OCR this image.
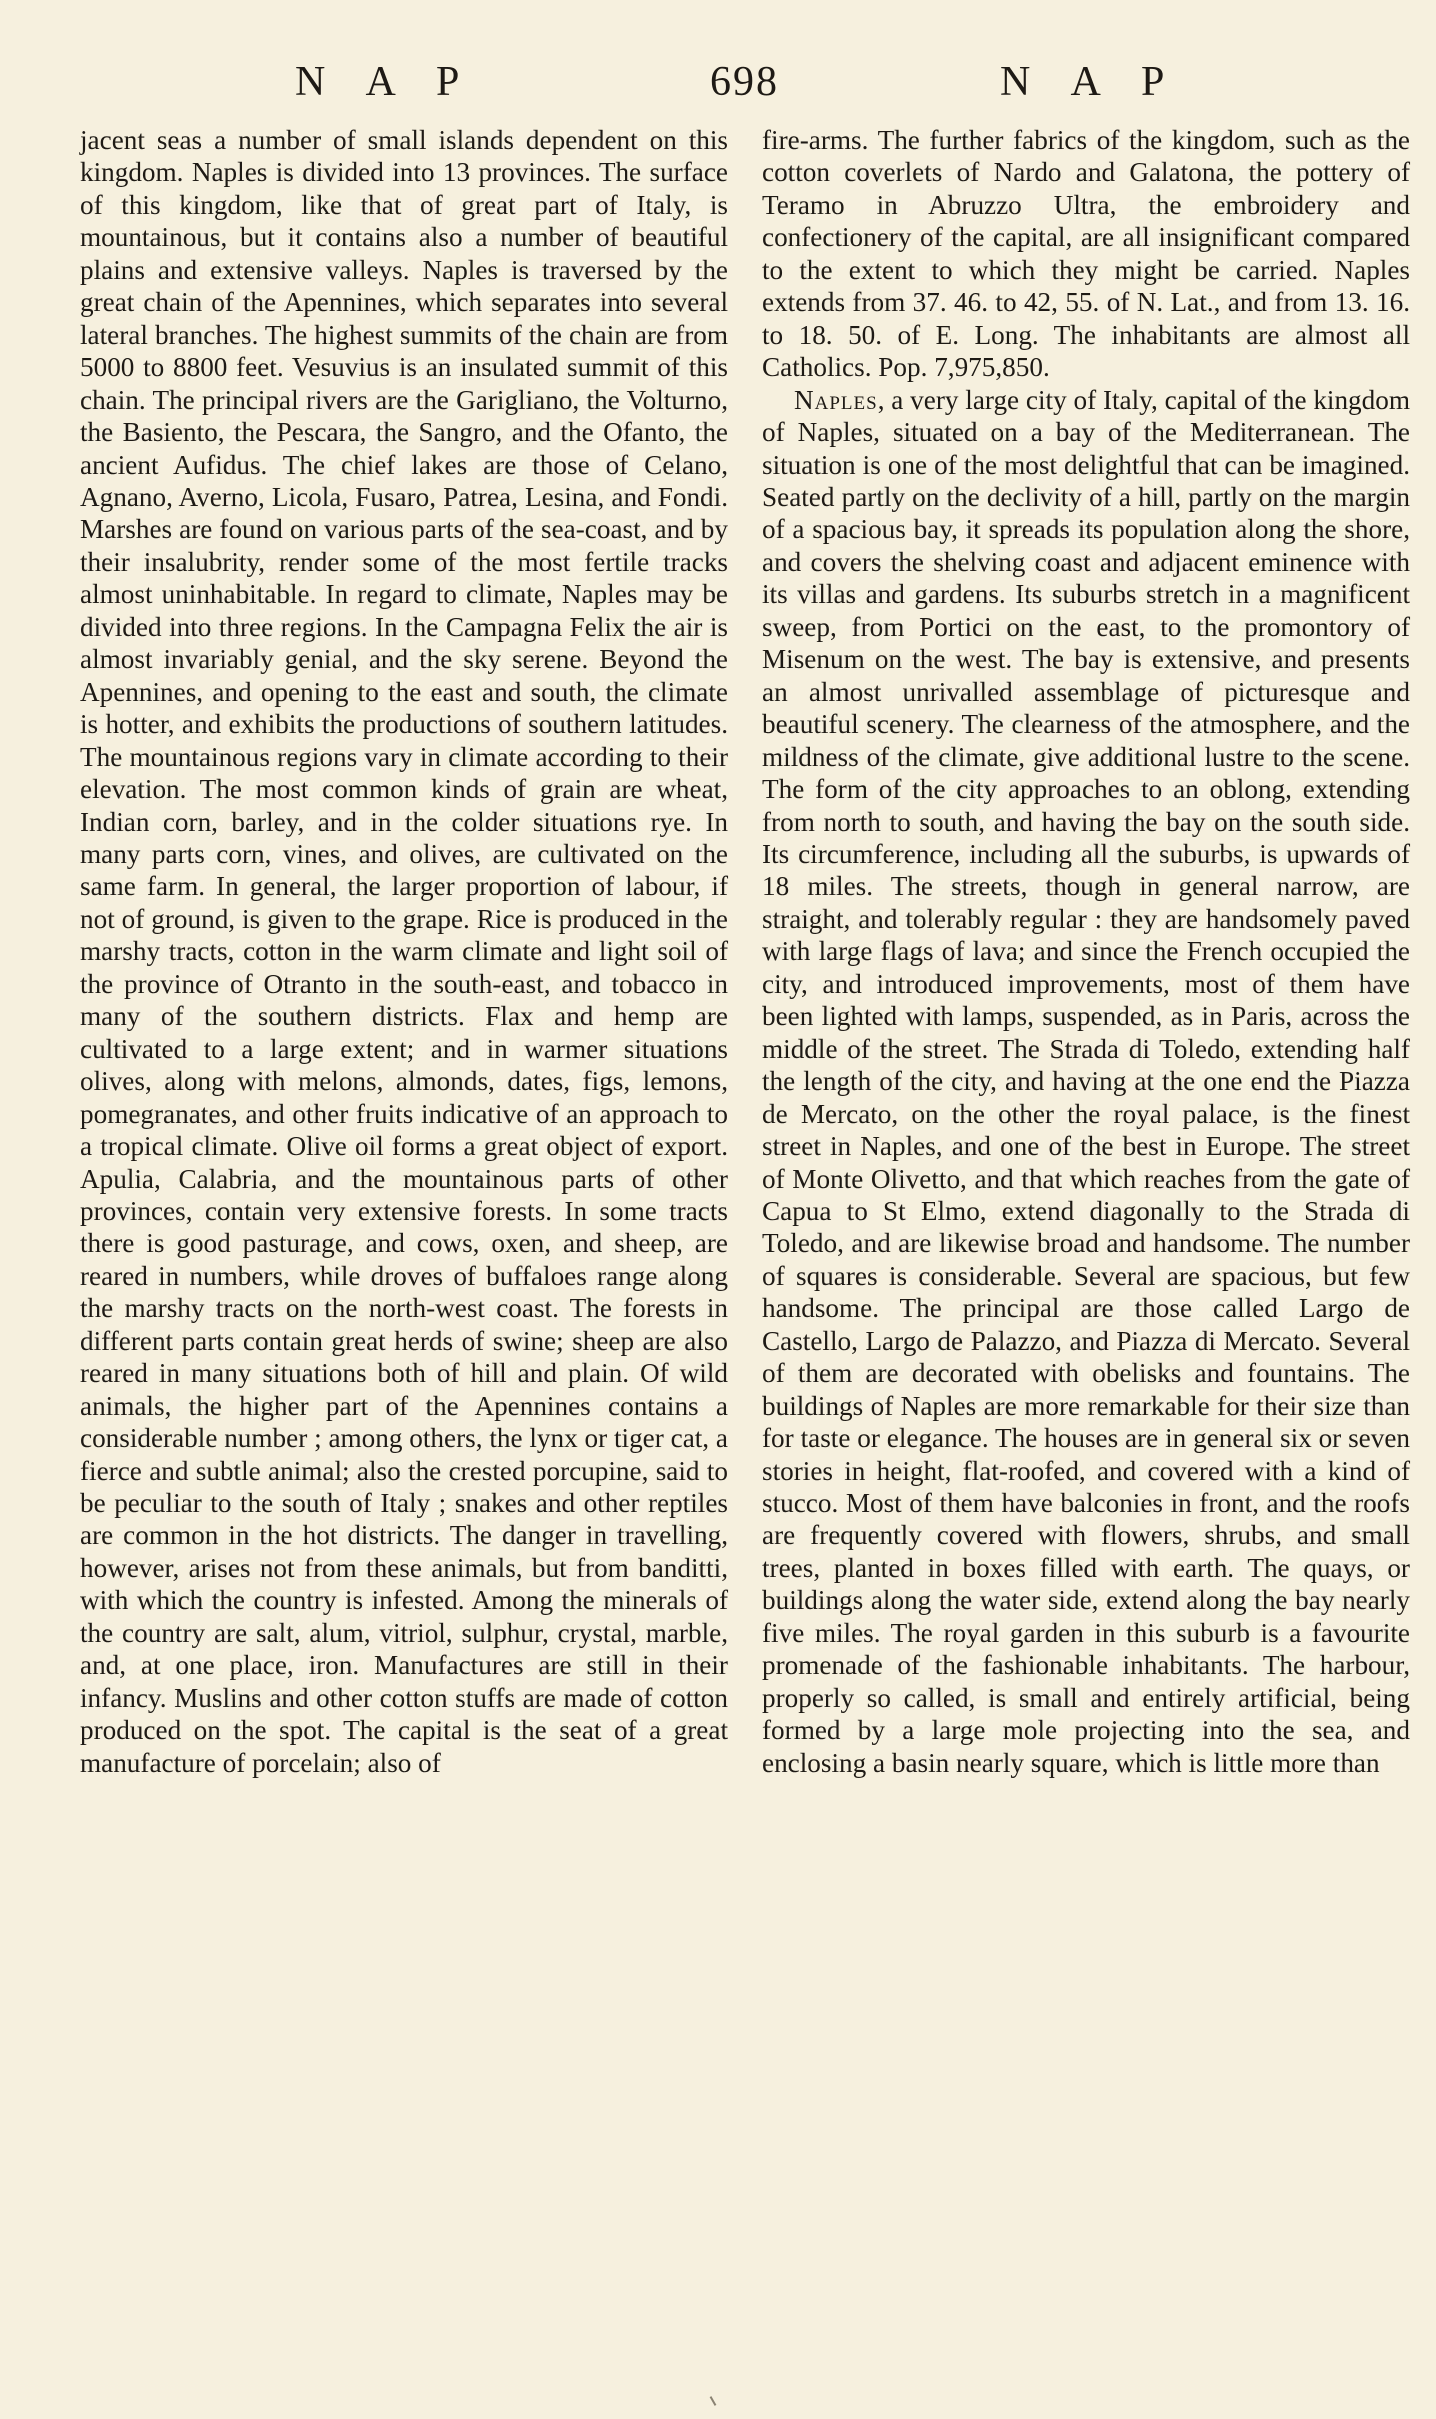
N A P	698	N A P

jacent seas a number of small islands dependent on this kingdom. Naples is divided into 13 provinces. The surface of this kingdom, like that of great part of Italy, is mountainous, but it contains also a number of beautiful plains and extensive valleys. Naples is traversed by the great chain of the Apennines, which separates into several lateral branches. The highest summits of the chain are from 5000 to 8800 feet. Vesuvius is an insulated summit of this chain. The principal rivers are the Garigliano, the Volturno, the Basiento, the Pescara, the Sangro, and the Ofanto, the ancient Aufidus. The chief lakes are those of Celano, Agnano, Averno, Licola, Fusaro, Patrea, Lesina, and Fondi. Marshes are found on various parts of the sea-coast, and by their insalubrity, render some of the most fertile tracks almost uninhabitable. In regard to climate, Naples may be divided into three regions. In the Campagna Felix the air is almost invariably genial, and the sky serene. Beyond the Apennines, and opening to the east and south, the climate is hotter, and exhibits the productions of southern latitudes. The mountainous regions vary in climate according to their elevation. The most common kinds of grain are wheat, Indian corn, barley, and in the colder situations rye. In many parts corn, vines, and olives, are cultivated on the same farm. In general, the larger proportion of labour, if not of ground, is given to the grape. Rice is produced in the marshy tracts, cotton in the warm climate and light soil of the province of Otranto in the south-east, and tobacco in many of the southern districts. Flax and hemp are cultivated to a large extent; and in warmer situations olives, along with melons, almonds, dates, figs, lemons, pomegranates, and other fruits indicative of an approach to a tropical climate. Olive oil forms a great object of export. Apulia, Calabria, and the mountainous parts of other provinces, contain very extensive forests. In some tracts there is good pasturage, and cows, oxen, and sheep, are reared in numbers, while droves of buffaloes range along the marshy tracts on the north-west coast. The forests in different parts contain great herds of swine; sheep are also reared in many situations both of hill and plain. Of wild animals, the higher part of the Apennines contains a considerable number ; among others, the lynx or tiger cat, a fierce and subtle animal; also the crested porcupine, said to be peculiar to the south of Italy ; snakes and other reptiles are common in the hot districts. The danger in travelling, however, arises not from these animals, but from banditti, with which the country is infested. Among the minerals of the country are salt, alum, vitriol, sulphur, crystal, marble, and, at one place, iron. Manufactures are still in their infancy. Muslins and other cotton stuffs are made of cotton produced on the spot. The capital is the seat of a great manufacture of porcelain; also of

fire-arms. The further fabrics of the kingdom, such as the cotton coverlets of Nardo and Galatona, the pottery of Teramo in Abruzzo Ultra, the embroidery and confectionery of the capital, are all insignificant compared to the extent to which they might be carried. Naples extends from 37. 46. to 42, 55. of N. Lat., and from 13. 16. to 18. 50. of E. Long. The inhabitants are almost all Catholics. Pop. 7,975,850.

Naples, a very large city of Italy, capital of the kingdom of Naples, situated on a bay of the Mediterranean. The situation is one of the most delightful that can be imagined. Seated partly on the declivity of a hill, partly on the margin of a spacious bay, it spreads its population along the shore, and covers the shelving coast and adjacent eminence with its villas and gardens. Its suburbs stretch in a magnificent sweep, from Portici on the east, to the promontory of Misenum on the west. The bay is extensive, and presents an almost unrivalled assemblage of picturesque and beautiful scenery. The clearness of the atmosphere, and the mildness of the climate, give additional lustre to the scene. The form of the city approaches to an oblong, extending from north to south, and having the bay on the south side. Its circumference, including all the suburbs, is upwards of 18 miles. The streets, though in general narrow, are straight, and tolerably regular : they are handsomely paved with large flags of lava; and since the French occupied the city, and introduced improvements, most of them have been lighted with lamps, suspended, as in Paris, across the middle of the street. The Strada di Toledo, extending half the length of the city, and having at the one end the Piazza de Mercato, on the other the royal palace, is the finest street in Naples, and one of the best in Europe. The street of Monte Olivetto, and that which reaches from the gate of Capua to St Elmo, extend diagonally to the Strada di Toledo, and are likewise broad and handsome. The number of squares is considerable. Several are spacious, but few handsome. The principal are those called Largo de Castello, Largo de Palazzo, and Piazza di Mercato. Several of them are decorated with obelisks and fountains. The buildings of Naples are more remarkable for their size than for taste or elegance. The houses are in general six or seven stories in height, flat-roofed, and covered with a kind of stucco. Most of them have balconies in front, and the roofs are frequently covered with flowers, shrubs, and small trees, planted in boxes filled with earth. The quays, or buildings along the water side, extend along the bay nearly five miles. The royal garden in this suburb is a favourite promenade of the fashionable inhabitants. The harbour, properly so called, is small and entirely artificial, being formed by a large mole projecting into the sea, and enclosing a basin nearly square, which is little more than
